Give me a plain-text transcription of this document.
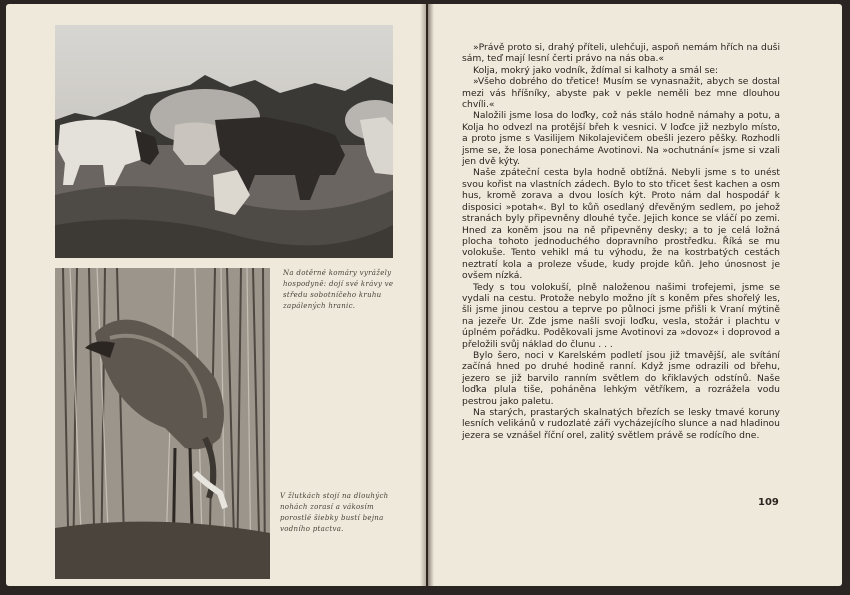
Na dotěrné komáry vyrážely hospodyně: dojí své krávy ve středu sobotníčeho kruhu zapálených hranic.
V žlutkách stojí na dlouhých nohách zorasí a vákosím porostlé šiebky bustí bejna vodního ptactva.

»Právě proto si, drahý příteli, ulehčuji, aspoň nemám hřích na duši sám, teď mají lesní čerti právo na nás oba.«

Kolja, mokrý jako vodník, ždímal si kalhoty a smál se:

»Všeho dobrého do třetice! Musím se vynasnažit, abych se dostal mezi vás hříšníky, abyste pak v pekle neměli bez mne dlouhou chvíli.«

Naložili jsme losa do loďky, což nás stálo hodně námahy a potu, a Kolja ho odvezl na protější břeh k vesnici. V loďce již nezbylo místo, a proto jsme s Vasilijem Nikolajevičem obešli jezero pěšky. Rozhodli jsme se, že losa ponecháme Avotinovi. Na »ochutnání« jsme si vzali jen dvě kýty.

Naše zpáteční cesta byla hodně obtížná. Nebyli jsme s to unést svou kořist na vlastních zádech. Bylo to sto třicet šest kachen a osm hus, kromě zorava a dvou losích kýt. Proto nám dal hospodář k disposici »potah«. Byl to kůň osedlaný dřevěným sedlem, po jehož stranách byly připevněny dlouhé tyče. Jejich konce se vláčí po zemi. Hned za koněm jsou na ně připevněny desky; a to je celá ložná plocha tohoto jednoduchého dopravního prostředku. Říká se mu volokuše. Tento vehikl má tu výhodu, že na kostrbatých cestách neztratí kola a proleze všude, kudy projde kůň. Jeho únosnost je ovšem nízká.

Tedy s tou volokuší, plně naloženou našimi trofejemi, jsme se vydali na cestu. Protože nebylo možno jít s koněm přes shořelý les, šli jsme jinou cestou a teprve po půlnoci jsme přišli k Vraní mýtině na jezeře Ur. Zde jsme našli svoji loďku, vesla, stožár i plachtu v úplném pořádku. Poděkovali jsme Avotinovi za »dovoz« i doprovod a přeložili svůj náklad do člunu . . .

Bylo šero, noci v Karelském podletí jsou již tmavější, ale svítání začíná hned po druhé hodině ranní. Když jsme odrazili od břehu, jezero se již barvilo ranním světlem do křiklavých odstínů. Naše loďka plula tiše, poháněna lehkým větříkem, a rozrážela vodu pestrou jako paletu.

Na starých, prastarých skalnatých březích se lesky tmavé koruny lesních velikánů v rudozlaté záři vycházejícího slunce a nad hladinou jezera se vznášel říční orel, zalitý světlem právě se rodícího dne.

109
